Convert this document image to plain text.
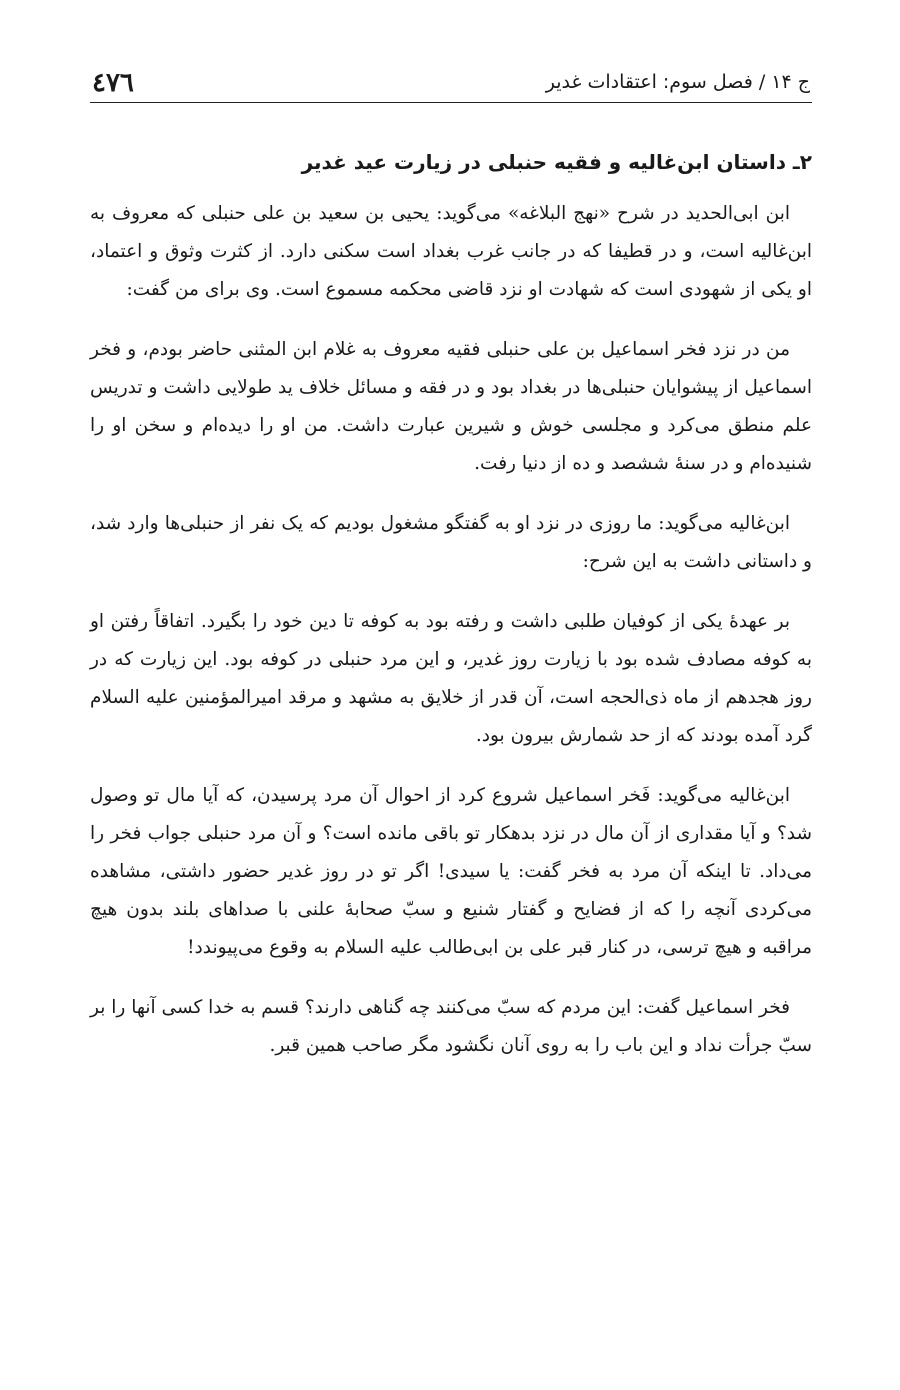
ج ۱۴ / فصل سوم: اعتقادات غدیر
٤٧٦
۲ـ داستان ابن‌غالیه و فقیه حنبلی در زیارت عید غدیر

ابن ابی‌الحدید در شرح «نهج البلاغه» می‌گوید: یحیی بن سعید بن علی حنبلی که معروف به ابن‌غالیه است، و در قطیفا که در جانب غرب بغداد است سکنی دارد. از کثرت وثوق و اعتماد، او یکی از شهودی است که شهادت او نزد قاضی محکمه مسموع است. وی برای من گفت:

من در نزد فخر اسماعیل بن علی حنبلی فقیه معروف به غلام ابن المثنی حاضر بودم، و فخر اسماعیل از پیشوایان حنبلی‌ها در بغداد بود و در فقه و مسائل خلاف ید طولایی داشت و تدریس علم منطق می‌کرد و مجلسی خوش و شیرین عبارت داشت. من او را دیده‌ام و سخن او را شنیده‌ام و در سنهٔ ششصد و ده از دنیا رفت.

ابن‌غالیه می‌گوید: ما روزی در نزد او به گفتگو مشغول بودیم که یک نفر از حنبلی‌ها وارد شد، و داستانی داشت به این شرح:

بر عهدهٔ یکی از کوفیان طلبی داشت و رفته بود به کوفه تا دین خود را بگیرد. اتفاقاً رفتن او به کوفه مصادف شده بود با زیارت روز غدیر، و این مرد حنبلی در کوفه بود. این زیارت که در روز هجدهم از ماه ذی‌الحجه است، آن قدر از خلایق به مشهد و مرقد امیرالمؤمنین علیه السلام گرد آمده بودند که از حد شمارش بیرون بود.

ابن‌غالیه می‌گوید: فَخر اسماعیل شروع کرد از احوال آن مرد پرسیدن، که آیا مال تو وصول شد؟ و آیا مقداری از آن مال در نزد بدهکار تو باقی مانده است؟ و آن مرد حنبلی جواب فخر را می‌داد. تا اینکه آن مرد به فخر گفت: یا سیدی! اگر تو در روز غدیر حضور داشتی، مشاهده می‌کردی آنچه را که از فضایح و گفتار شنیع و سبّ صحابهٔ علنی با صداهای بلند بدون هیچ مراقبه و هیچ ترسی، در کنار قبر علی بن ابی‌طالب علیه السلام به وقوع می‌پیوندد!

فخر اسماعیل گفت: این مردم که سبّ می‌کنند چه گناهی دارند؟ قسم به خدا کسی آنها را بر سبّ جرأت نداد و این باب را به روی آنان نگشود مگر صاحب همین قبر.
